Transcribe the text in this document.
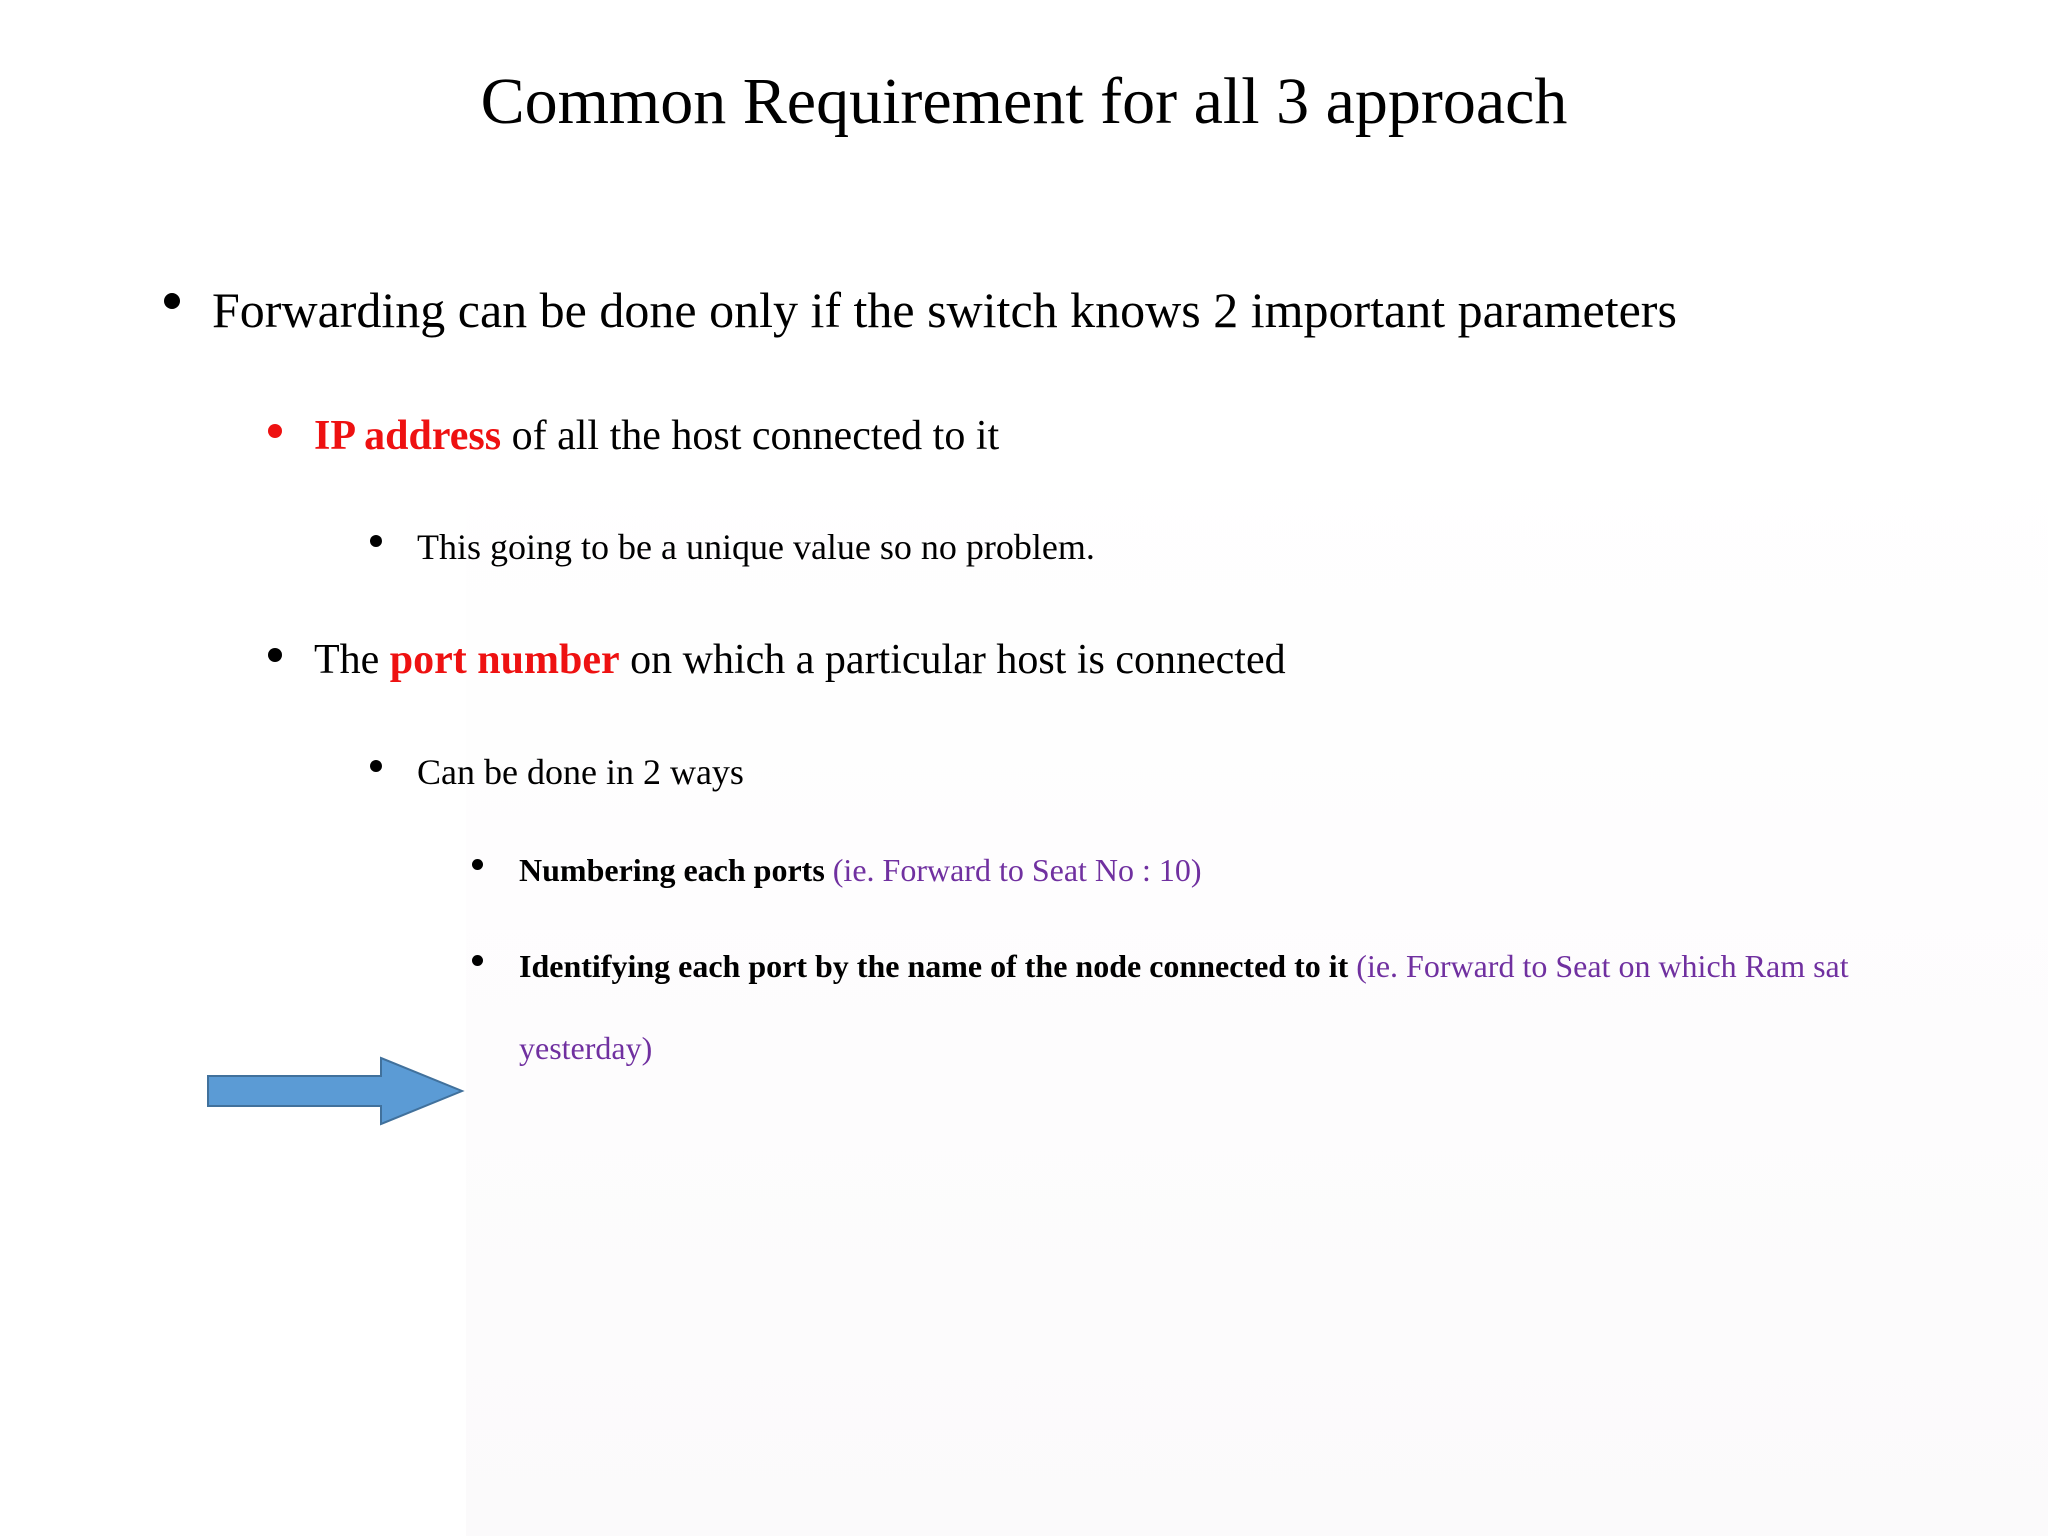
Common Requirement for all 3 approach
Forwarding can be done only if the switch knows 2 important parameters
IP address of all the host connected to it
This going to be a unique value so no problem.
The port number on which a particular host is connected
Can be done in 2 ways
Numbering each ports (ie. Forward to Seat No : 10)
Identifying each port by the name of the node connected to it (ie. Forward to Seat on which Ram sat
yesterday)
